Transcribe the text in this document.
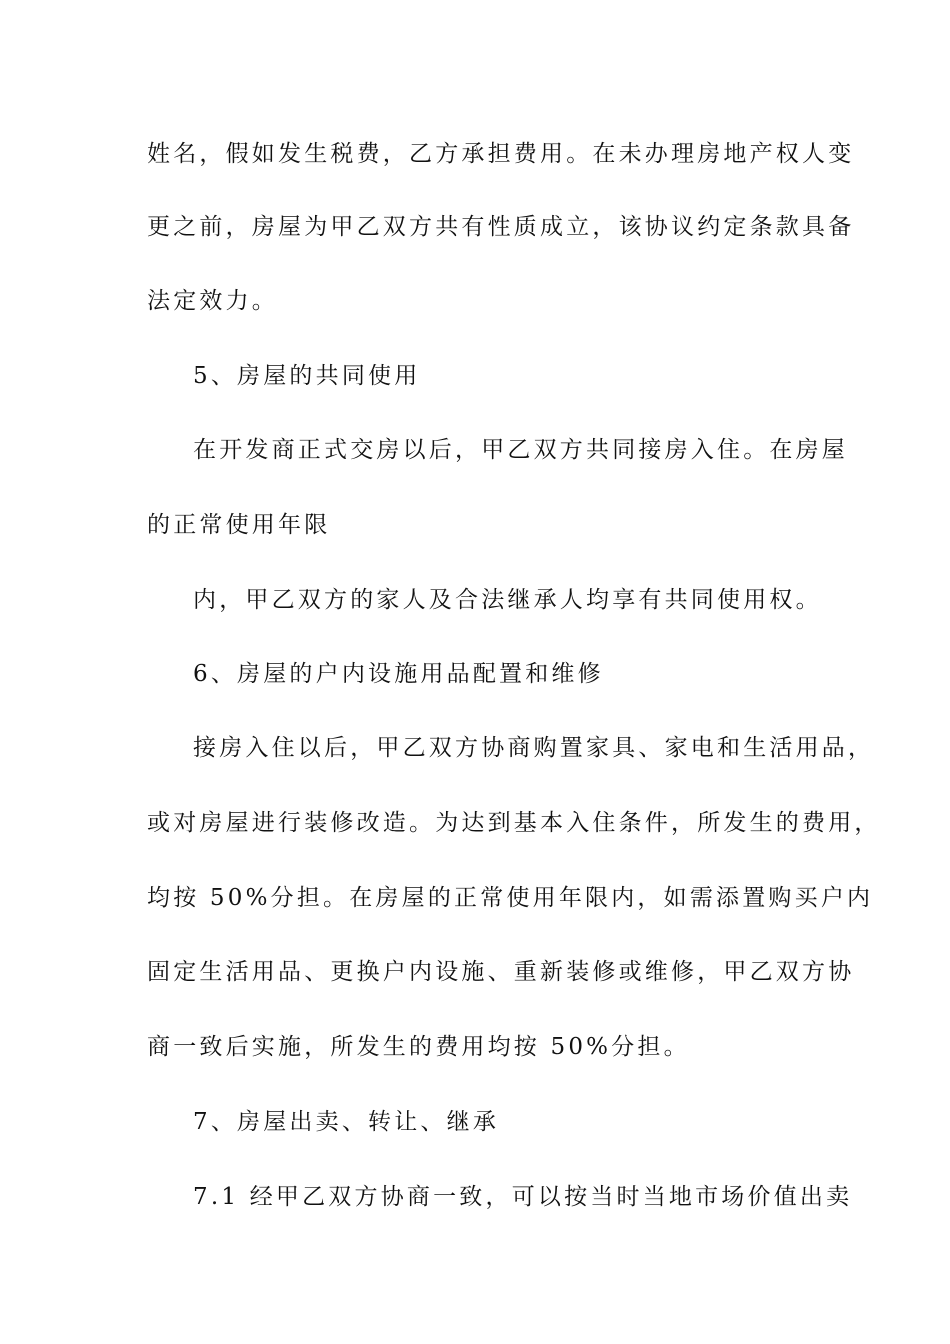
姓名，假如发生税费，乙方承担费用。在未办理房地产权人变
更之前，房屋为甲乙双方共有性质成立，该协议约定条款具备
法定效力。
5、房屋的共同使用
在开发商正式交房以后，甲乙双方共同接房入住。在房屋
的正常使用年限
内，甲乙双方的家人及合法继承人均享有共同使用权。
6、房屋的户内设施用品配置和维修
接房入住以后，甲乙双方协商购置家具、家电和生活用品，
或对房屋进行装修改造。为达到基本入住条件，所发生的费用，
均按 50%分担。在房屋的正常使用年限内，如需添置购买户内
固定生活用品、更换户内设施、重新装修或维修，甲乙双方协
商一致后实施，所发生的费用均按 50%分担。
7、房屋出卖、转让、继承
7.1 经甲乙双方协商一致，可以按当时当地市场价值出卖
